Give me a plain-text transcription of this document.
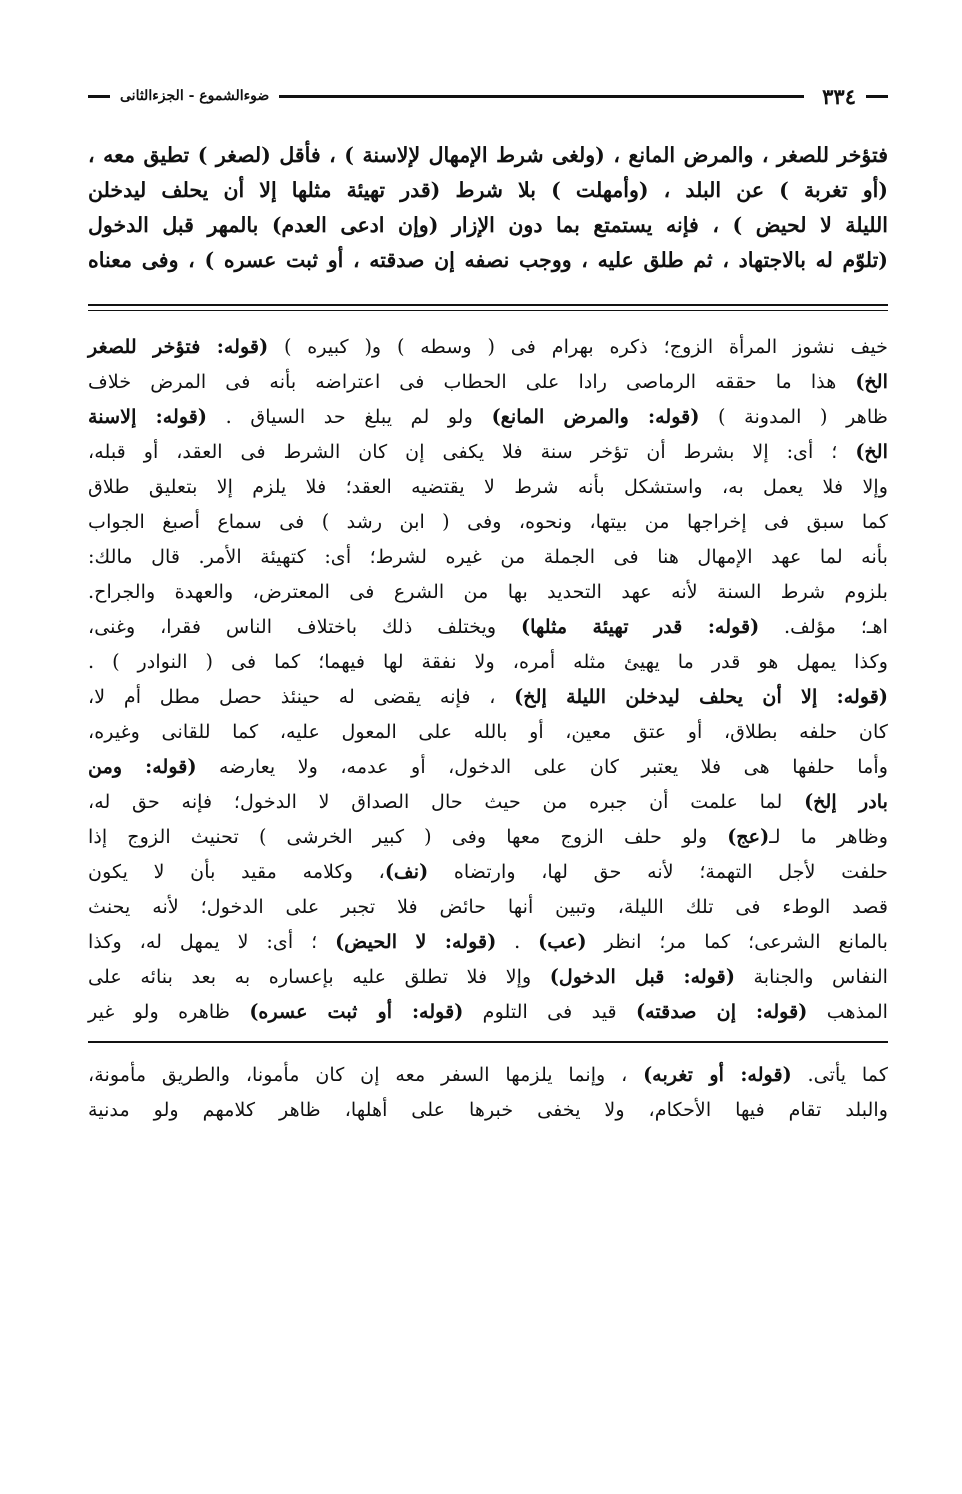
٣٣٤
ضوءالشموع - الجزءالثانى
فتؤخر للصغر ، والمرض المانع ، (ولغى شرط الإمهال لإلاسنة ) ، فأقل (لصغر ) تطيق معه ،
(أو تغربة ) عن البلد ، (وأمهلت ) بلا شرط (قدر تهيئة مثلها إلا أن يحلف ليدخلن
الليلة لا لحيض ) ، فإنه يستمتع بما دون الإزار (وإن ادعى العدم) بالمهر قبل الدخول
(تلوّم له بالاجتهاد ، ثم طلق عليه ، ووجب نصفه إن صدقته ، أو ثبت عسره ) ، وفى معناه
خيف نشوز المرأة الزوج؛ ذكره بهرام فى ( وسطه ) و( كبيره ) (قوله: فتؤخر للصغر
الخ) هذا ما حققه الرماصى رادا على الحطاب فى اعتراضه بأنه فى المرض خلاف
ظاهر ( المدونة ) (قوله: والمرض المانع) ولو لم يبلغ حد السياق . (قوله: إلاسنة
الخ) ؛ أى: إلا بشرط أن تؤخر سنة فلا يكفى إن كان الشرط فى العقد، أو قبله،
وإلا فلا يعمل به، واستشكل بأنه شرط لا يقتضيه العقد؛ فلا يلزم إلا بتعليق طلاق
كما سبق فى إخراجها من بيتها، ونحوه، وفى ( ابن رشد ) فى سماع أصبغ الجواب
بأنه لما عهد الإمهال هنا فى الجملة من غيره لشرط؛ أى: كتهيئة الأمر. قال مالك:
بلزوم شرط السنة لأنه عهد التحديد بها من الشرع فى المعترض، والعهدة والجراح.
اهـ؛ مؤلف. (قوله: قدر تهيئة مثلها) ويختلف ذلك باختلاف الناس فقرا، وغنى،
وكذا يمهل هو قدر ما يهيئ مثله أمره، ولا نفقة لها فيهما؛ كما فى ( النوادر ) .
(قوله: إلا أن يحلف ليدخلن الليلة إلخ) ، فإنه يقضى له حينئذ حصل مطل أم لا،
كان حلفه بطلاق، أو عتق معين، أو بالله على المعول عليه، كما للقانى وغيره،
وأما حلفها هى فلا يعتبر كان على الدخول، أو عدمه، ولا يعارضه (قوله: ومن
بادر إلخ) لما علمت أن جبره من حيث حال الصداق لا الدخول؛ فإنه حق له،
وظاهر ما لـ(عج) ولو حلف الزوج معها وفى ( كبير الخرشى ) تحنيث الزوج إذا
حلفت لأجل التهمة؛ لأنه حق لها، وارتضاه (نف)، وكلامه مقيد بأن لا يكون
قصد الوطء فى تلك الليلة، وتبين أنها حائض فلا تجبر على الدخول؛ لأنه يحنث
بالمانع الشرعى؛ كما مر؛ انظر (عب) . (قوله: لا الحيض) ؛ أى: لا يمهل له، وكذا
النفاس والجنابة (قوله: قبل الدخول) وإلا فلا تطلق عليه بإعساره به بعد بنائه على
المذهب (قوله: إن صدقته) قيد فى التلوم (قوله: أو ثبت عسره) ظاهره ولو غير
كما يأتى. (قوله: أو تغربه) ، وإنما يلزمها السفر معه إن كان مأمونا، والطريق مأمونة،
والبلد تقام فيها الأحكام، ولا يخفى خبرها على أهلها، ظاهر كلامهم ولو مدنية
